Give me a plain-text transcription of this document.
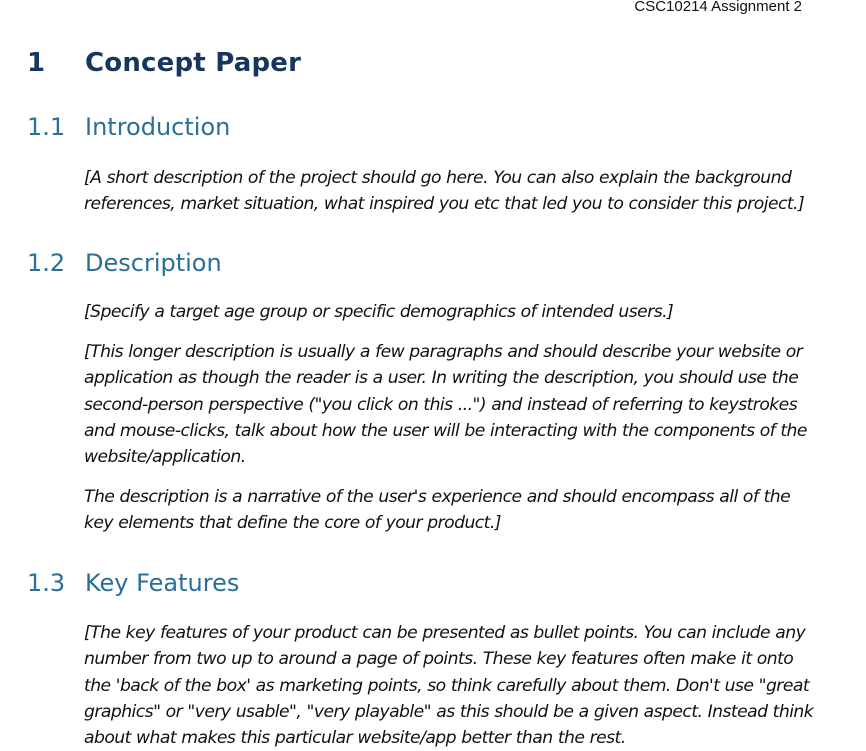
CSC10214 Assignment 2
1 Concept Paper
1.1 Introduction
[A short description of the project should go here. You can also explain the background references, market situation, what inspired you etc that led you to consider this project.]
1.2 Description
[Specify a target age group or specific demographics of intended users.]
[This longer description is usually a few paragraphs and should describe your website or application as though the reader is a user. In writing the description, you should use the second-person perspective ("you click on this ...") and instead of referring to keystrokes and mouse-clicks, talk about how the user will be interacting with the components of the website/application.
The description is a narrative of the user's experience and should encompass all of the key elements that define the core of your product.]
1.3 Key Features
[The key features of your product can be presented as bullet points. You can include any number from two up to around a page of points. These key features often make it onto the 'back of the box' as marketing points, so think carefully about them. Don't use "great graphics" or "very usable", "very playable" as this should be a given aspect. Instead think about what makes this particular website/app better than the rest.
